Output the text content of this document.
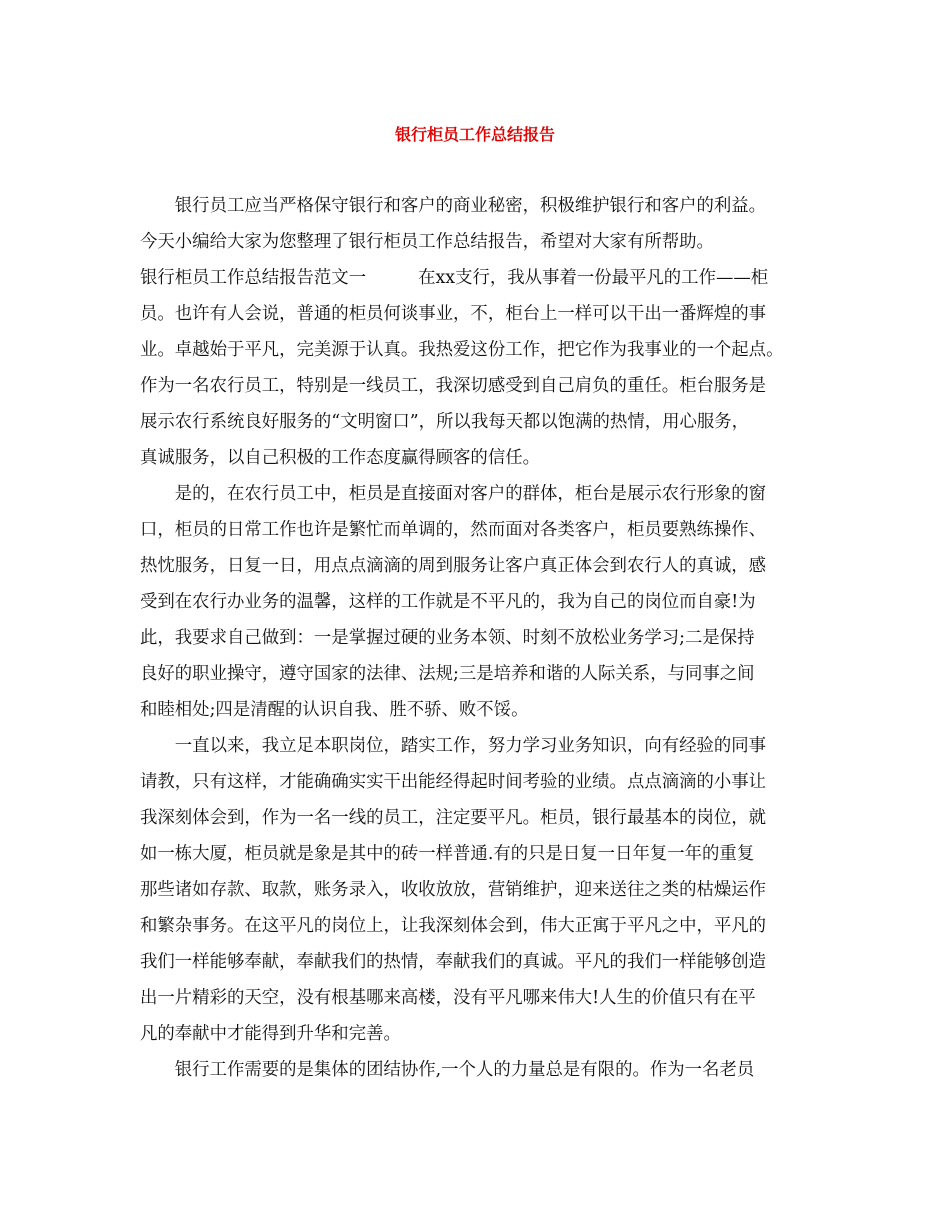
银行柜员工作总结报告
　　银行员工应当严格保守银行和客户的商业秘密，积极维护银行和客户的利益。
今天小编给大家为您整理了银行柜员工作总结报告，希望对大家有所帮助。
银行柜员工作总结报告范文一	在xx支行，我从事着一份最平凡的工作——柜
员。也许有人会说，普通的柜员何谈事业，不，柜台上一样可以干出一番辉煌的事
业。卓越始于平凡，完美源于认真。我热爱这份工作，把它作为我事业的一个起点。
作为一名农行员工，特别是一线员工，我深切感受到自己肩负的重任。柜台服务是
展示农行系统良好服务的“文明窗口”，所以我每天都以饱满的热情，用心服务，
真诚服务，以自己积极的工作态度赢得顾客的信任。
　　是的，在农行员工中，柜员是直接面对客户的群体，柜台是展示农行形象的窗
口，柜员的日常工作也许是繁忙而单调的，然而面对各类客户，柜员要熟练操作、
热忱服务，日复一日，用点点滴滴的周到服务让客户真正体会到农行人的真诚，感
受到在农行办业务的温馨，这样的工作就是不平凡的，我为自己的岗位而自豪!为
此，我要求自己做到：一是掌握过硬的业务本领、时刻不放松业务学习;二是保持
良好的职业操守，遵守国家的法律、法规;三是培养和谐的人际关系，与同事之间
和睦相处;四是清醒的认识自我、胜不骄、败不馁。
　　一直以来，我立足本职岗位，踏实工作，努力学习业务知识，向有经验的同事
请教，只有这样，才能确确实实干出能经得起时间考验的业绩。点点滴滴的小事让
我深刻体会到，作为一名一线的员工，注定要平凡。柜员，银行最基本的岗位，就
如一栋大厦，柜员就是象是其中的砖一样普通.有的只是日复一日年复一年的重复
那些诸如存款、取款，账务录入，收收放放，营销维护，迎来送往之类的枯燥运作
和繁杂事务。在这平凡的岗位上，让我深刻体会到，伟大正寓于平凡之中，平凡的
我们一样能够奉献，奉献我们的热情，奉献我们的真诚。平凡的我们一样能够创造
出一片精彩的天空，没有根基哪来高楼，没有平凡哪来伟大!人生的价值只有在平
凡的奉献中才能得到升华和完善。
　　银行工作需要的是集体的团结协作,一个人的力量总是有限的。作为一名老员
